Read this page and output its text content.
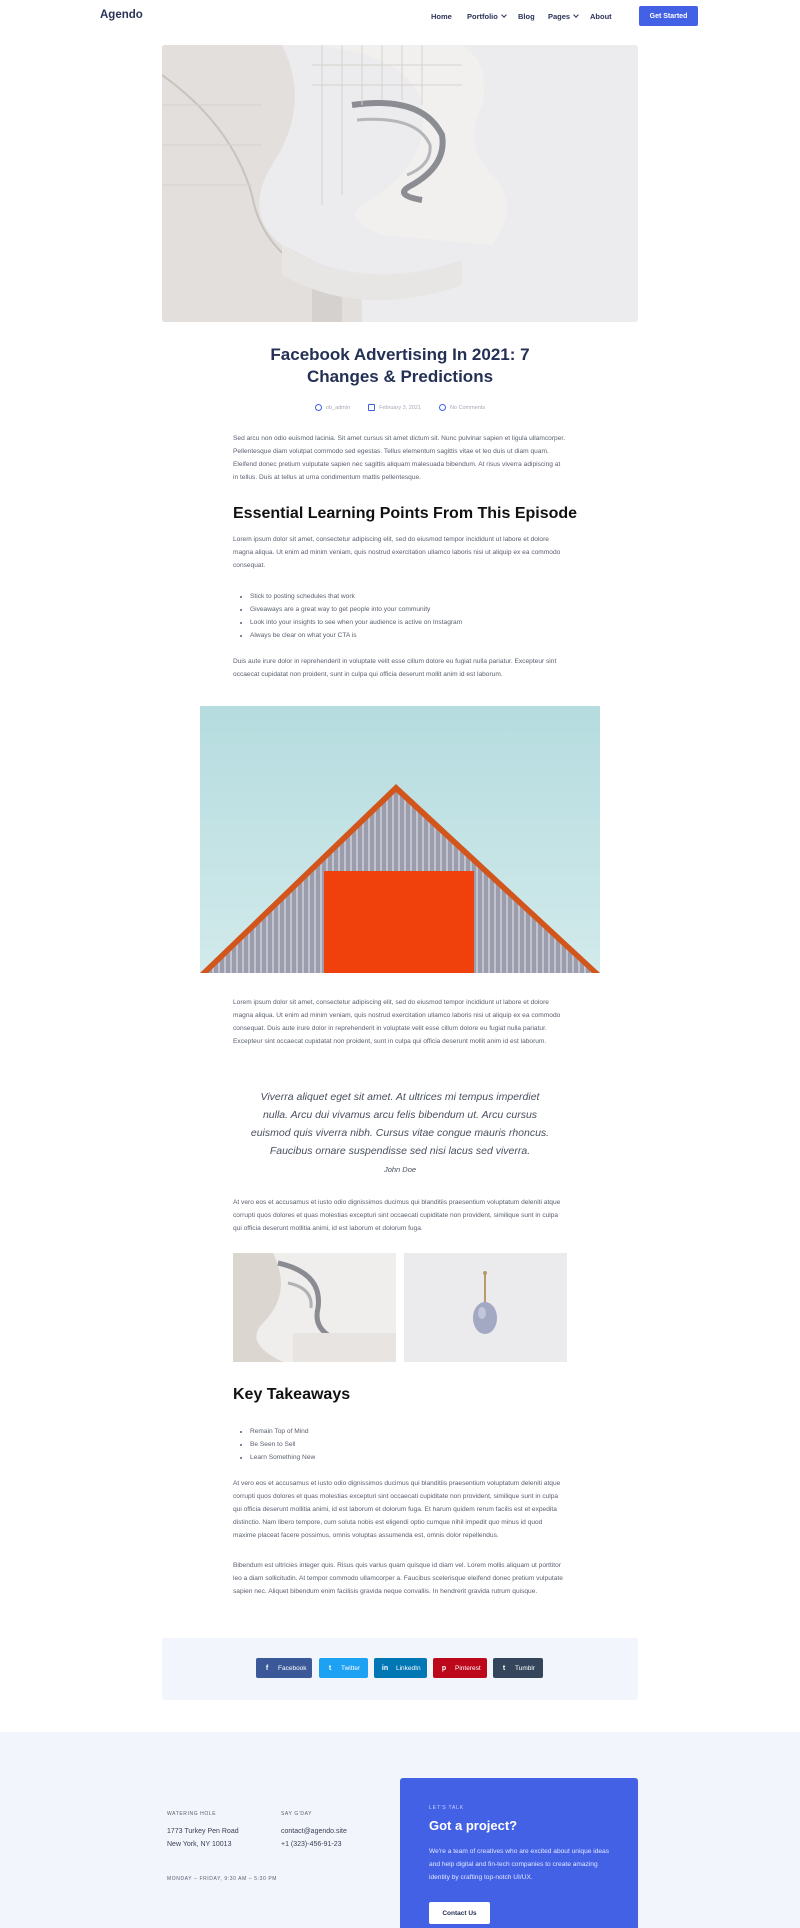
Agendo	Home Portfolio	Blog Pages	About	Get Started
Facebook Advertising In 2021: 7 Changes & Predictions
ob_admin	February 3, 2021	No Comments

Sed arcu non odio euismod lacinia. Sit amet cursus sit amet dictum sit. Nunc pulvinar sapien et ligula ullamcorper. Pellentesque diam volutpat commodo sed egestas. Tellus elementum sagittis vitae et leo duis ut diam quam. Eleifend donec pretium vulputate sapien nec sagittis aliquam malesuada bibendum. At risus viverra adipiscing at in tellus. Duis at tellus at urna condimentum mattis pellentesque.

Essential Learning Points From This Episode

Lorem ipsum dolor sit amet, consectetur adipiscing elit, sed do eiusmod tempor incididunt ut labore et dolore magna aliqua. Ut enim ad minim veniam, quis nostrud exercitation ullamco laboris nisi ut aliquip ex ea commodo consequat.

• Stick to posting schedules that work
• Giveaways are a great way to get people into your community
• Look into your insights to see when your audience is active on Instagram
• Always be clear on what your CTA is

Duis aute irure dolor in reprehenderit in voluptate velit esse cillum dolore eu fugiat nulla pariatur. Excepteur sint occaecat cupidatat non proident, sunt in culpa qui officia deserunt mollit anim id est laborum.

Lorem ipsum dolor sit amet, consectetur adipiscing elit, sed do eiusmod tempor incididunt ut labore et dolore magna aliqua. Ut enim ad minim veniam, quis nostrud exercitation ullamco laboris nisi ut aliquip ex ea commodo consequat. Duis aute irure dolor in reprehenderit in voluptate velit esse cillum dolore eu fugiat nulla pariatur. Excepteur sint occaecat cupidatat non proident, sunt in culpa qui officia deserunt mollit anim id est laborum.

Viverra aliquet eget sit amet. At ultrices mi tempus imperdiet nulla. Arcu dui vivamus arcu felis bibendum ut. Arcu cursus euismod quis viverra nibh. Cursus vitae congue mauris rhoncus. Faucibus ornare suspendisse sed nisi lacus sed viverra.
John Doe

At vero eos et accusamus et iusto odio dignissimos ducimus qui blanditiis praesentium voluptatum deleniti atque corrupti quos dolores et quas molestias excepturi sint occaecati cupiditate non provident, similique sunt in culpa qui officia deserunt mollitia animi, id est laborum et dolorum fuga.

Key Takeaways
• Remain Top of Mind
• Be Seen to Sell
• Learn Something New

At vero eos et accusamus et iusto odio dignissimos ducimus qui blanditiis praesentium voluptatum deleniti atque corrupti quos dolores et quas molestias excepturi sint occaecati cupiditate non provident, similique sunt in culpa qui officia deserunt mollitia animi, id est laborum et dolorum fuga. Et harum quidem rerum facilis est et expedita distinctio. Nam libero tempore, cum soluta nobis est eligendi optio cumque nihil impedit quo minus id quod maxime placeat facere possimus, omnis voluptas assumenda est, omnis dolor repellendus.

Bibendum est ultricies integer quis. Risus quis varius quam quisque id diam vel. Lorem mollis aliquam ut porttitor leo a diam sollicitudin. At tempor commodo ullamcorper a. Faucibus scelerisque eleifend donec pretium vulputate sapien nec. Aliquet bibendum enim facilisis gravida neque convallis. In hendrerit gravida rutrum quisque.

f	Facebook	t	Twitter	in LinkedIn	p Pinterest	t	Tumblr
WATERING HOLE
1773 Turkey Pen Road
New York, NY 10013
SAY G'DAY
contact@agendo.site
+1 (323)-456-91-23
MONDAY – FRIDAY, 9:30 AM – 5:30 PM
LET'S TALK
Got a project?
We're a team of creatives who are excited about unique ideas and help digital and fin-tech companies to create amazing identity by crafting top-notch UI/UX.
Contact Us
